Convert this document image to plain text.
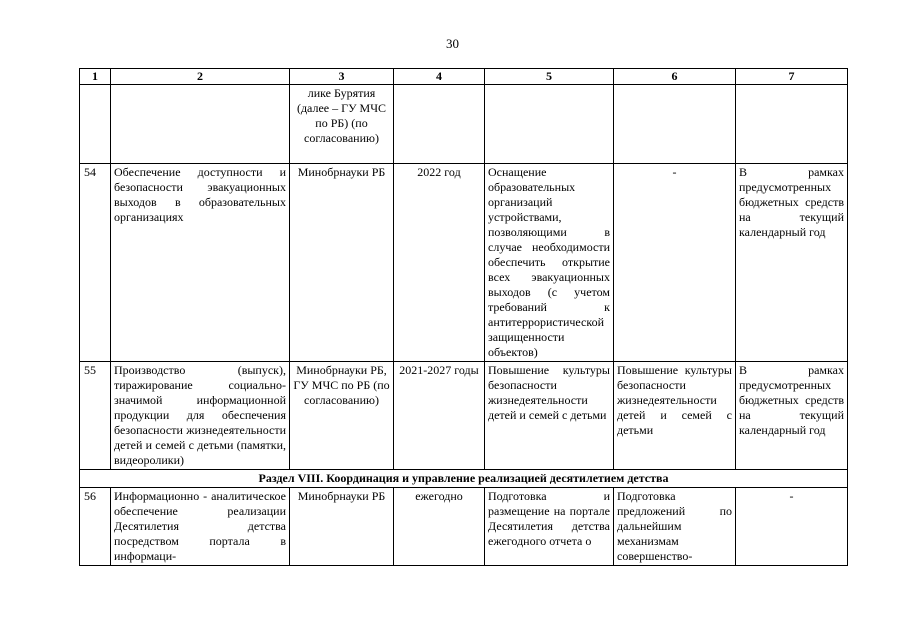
30
1	2	3	4	5	6	7
		лике Бурятия (далее – ГУ МЧС по РБ) (по согласованию)				
54	Обеспечение доступности и безопасности эвакуационных выходов в образовательных организациях	Минобрнауки РБ	2022 год	Оснащение образовательных организаций устройствами, позволяющими в случае необходимости обеспечить открытие всех эвакуационных выходов (с учетом требований к антитеррористической защищенности объектов)	-	В рамках предусмотренных бюджетных средств на текущий календарный год
55	Производство (выпуск), тиражирование социально-значимой информационной продукции для обеспечения безопасности жизнедеятельности детей и семей с детьми (памятки, видеоролики)	Минобрнауки РБ, ГУ МЧС по РБ (по согласованию)	2021-2027 годы	Повышение культуры безопасности жизнедеятельности детей и семей с детьми	Повышение культуры безопасности жизнедеятельности детей и семей с детьми	В рамках предусмотренных бюджетных средств на текущий календарный год
Раздел VIII. Координация и управление реализацией десятилетием детства						
56	Информационно - аналитическое обеспечение реализации Десятилетия детства посредством портала в информаци-	Минобрнауки РБ	ежегодно	Подготовка и размещение на портале Десятилетия детства ежегодного отчета о	Подготовка предложений по дальнейшим механизмам совершенство-	-
